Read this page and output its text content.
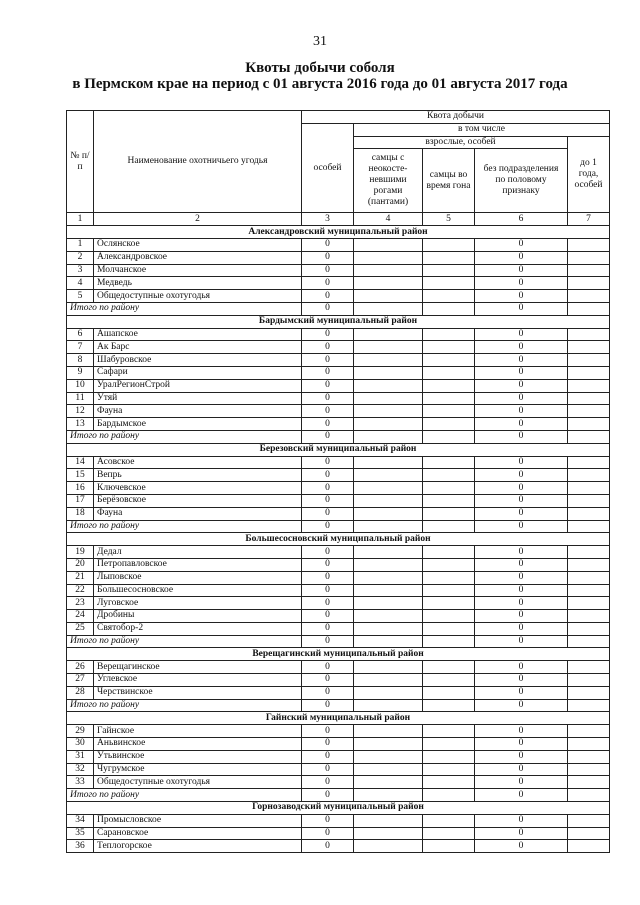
31
Квоты добычи соболя
в Пермском крае на период с 01 августа 2016 года до 01 августа 2017 года
№ п/п	Наименование охотничьего угодья	Квота добычи				
		особей	в том числе			
			взрослые, особей			до 1 года, особей
			самцы с неокосте-невшими рогами (пантами)	самцы во время гона	без подразделения по половому признаку	
1	2	3	4	5	6	7
Александровский муниципальный район						
1	Ослянское	0			0	
2	Александровское	0			0	
3	Молчанское	0			0	
4	Медведь	0			0	
5	Общедоступные охотугодья	0			0	
Итого по району		0			0	
Бардымский муниципальный район						
6	Ашапское	0			0	
7	Ак Барс	0			0	
8	Шабуровское	0			0	
9	Сафари	0			0	
10	УралРегионСтрой	0			0	
11	Утяй	0			0	
12	Фауна	0			0	
13	Бардымское	0			0	
Итого по району		0			0	
Березовский муниципальный район						
14	Асовское	0			0	
15	Вепрь	0			0	
16	Ключевское	0			0	
17	Берёзовское	0			0	
18	Фауна	0			0	
Итого по району		0			0	
Большесосновский муниципальный район						
19	Дедал	0			0	
20	Петропавловское	0			0	
21	Лыповское	0			0	
22	Большесосновское	0			0	
23	Луговское	0			0	
24	Дробины	0			0	
25	Святобор-2	0			0	
Итого по району		0			0	
Верещагинский муниципальный район						
26	Верещагинское	0			0	
27	Углевское	0			0	
28	Черствинское	0			0	
Итого по району		0			0	
Гайнский муниципальный район						
29	Гайнское	0			0	
30	Аньвинское	0			0	
31	Утьвинское	0			0	
32	Чугрумское	0			0	
33	Общедоступные охотугодья	0			0	
Итого по району		0			0	
Горнозаводский муниципальный район						
34	Промысловское	0			0	
35	Сарановское	0			0	
36	Теплогорское	0			0	
